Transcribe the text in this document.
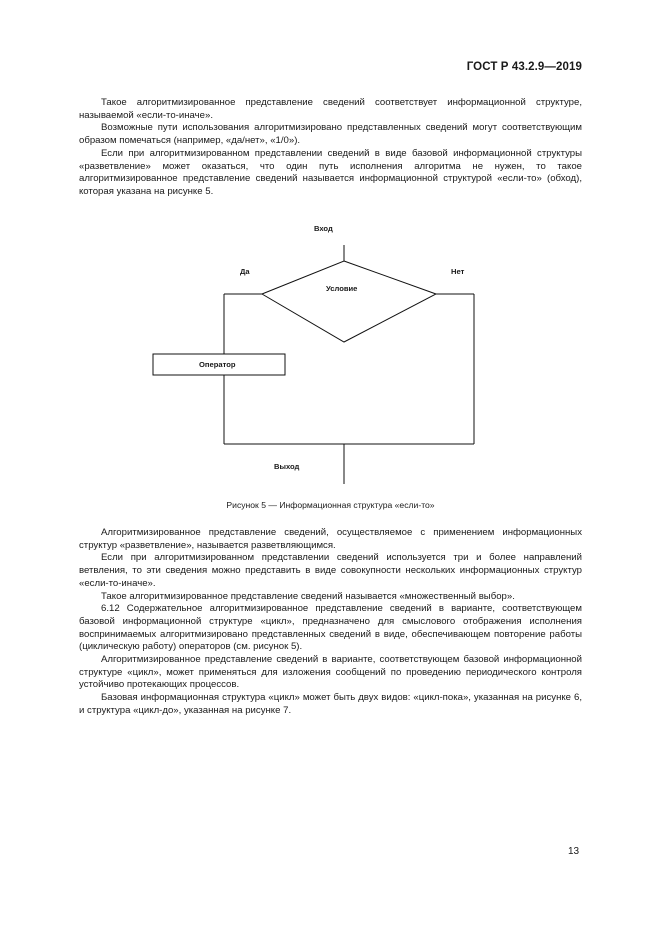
ГОСТ Р 43.2.9—2019

Такое алгоритмизированное представление сведений соответствует информационной структуре, называемой «если-то-иначе».

Возможные пути использования алгоритмизировано представленных сведений могут соответствующим образом помечаться (например, «да/нет», «1/0»).

Если при алгоритмизированном представлении сведений в виде базовой информационной структуры «разветвление» может оказаться, что один путь исполнения алгоритма не нужен, то такое алгоритмизированное представление сведений называется информационной структурой «если-то» (обход), которая указана на рисунке 5.

Вход
Да	Нет
Условие
Оператор
Выход
Рисунок 5 — Информационная структура «если-то»

Алгоритмизированное представление сведений, осуществляемое с применением информационных структур «разветвление», называется разветвляющимся.

Если при алгоритмизированном представлении сведений используется три и более направлений ветвления, то эти сведения можно представить в виде совокупности нескольких информационных структур «если-то-иначе».

Такое алгоритмизированное представление сведений называется «множественный выбор».

6.12 Содержательное алгоритмизированное представление сведений в варианте, соответствующем базовой информационной структуре «цикл», предназначено для смыслового отображения исполнения воспринимаемых алгоритмизировано представленных сведений в виде, обеспечивающем повторение работы (циклическую работу) операторов (см. рисунок 5).

Алгоритмизированное представление сведений в варианте, соответствующем базовой информационной структуре «цикл», может применяться для изложения сообщений по проведению периодического контроля устойчиво протекающих процессов.

Базовая информационная структура «цикл» может быть двух видов: «цикл-пока», указанная на рисунке 6, и структура «цикл-до», указанная на рисунке 7.

13
